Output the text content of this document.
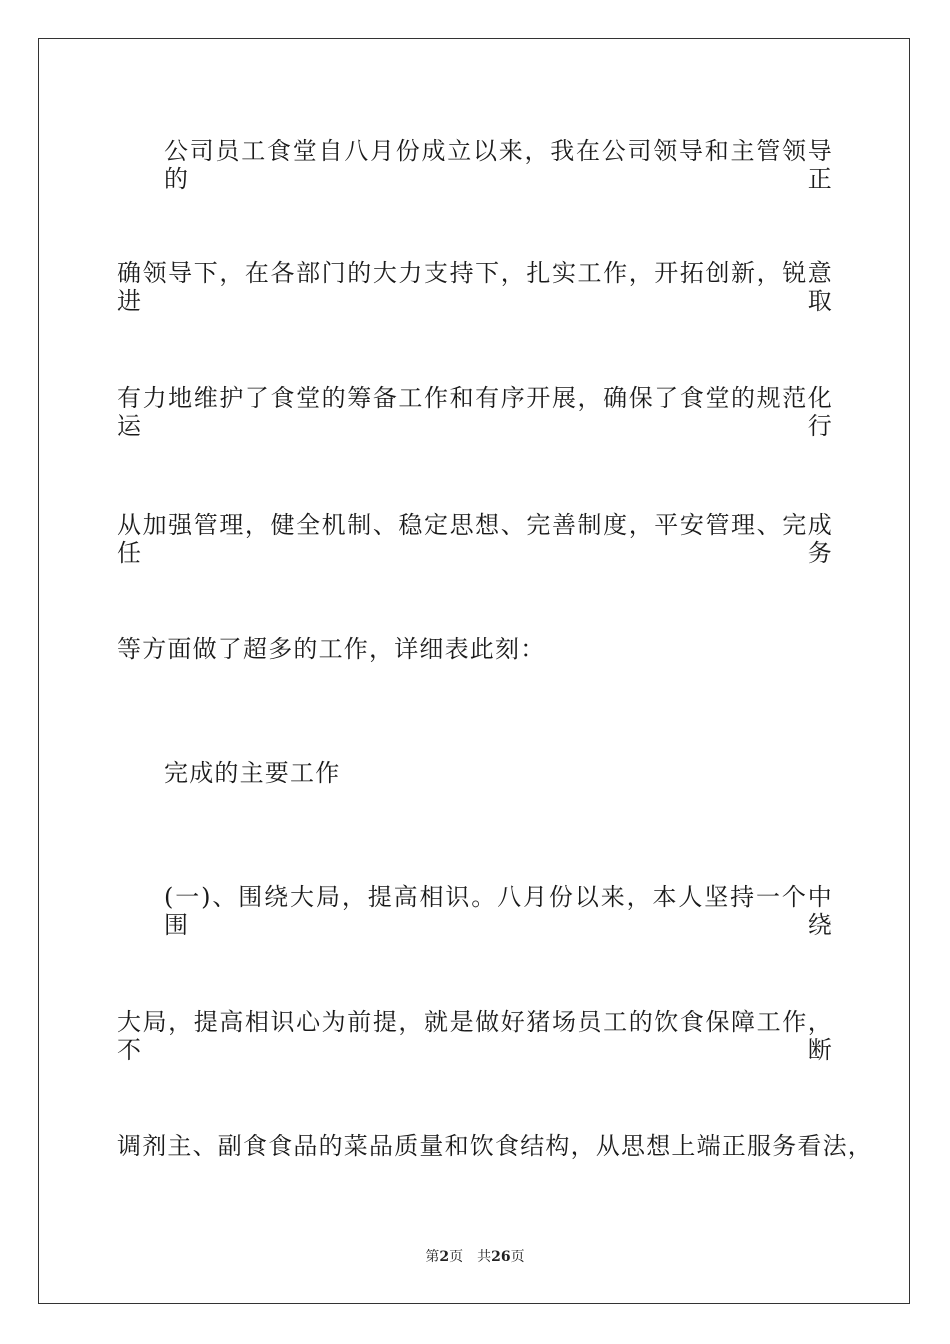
公司员工食堂自八月份成立以来，我在公司领导和主管领导的正
确领导下，在各部门的大力支持下，扎实工作，开拓创新，锐意进取
有力地维护了食堂的筹备工作和有序开展，确保了食堂的规范化运行
从加强管理，健全机制、稳定思想、完善制度，平安管理、完成任务
等方面做了超多的工作，详细表此刻：
完成的主要工作
(一)、围绕大局，提高相识。八月份以来，本人坚持一个中围绕
大局，提高相识心为前提，就是做好猪场员工的饮食保障工作，不断
调剂主、副食食品的菜品质量和饮食结构，从思想上端正服务看法，
第2页 共26页
